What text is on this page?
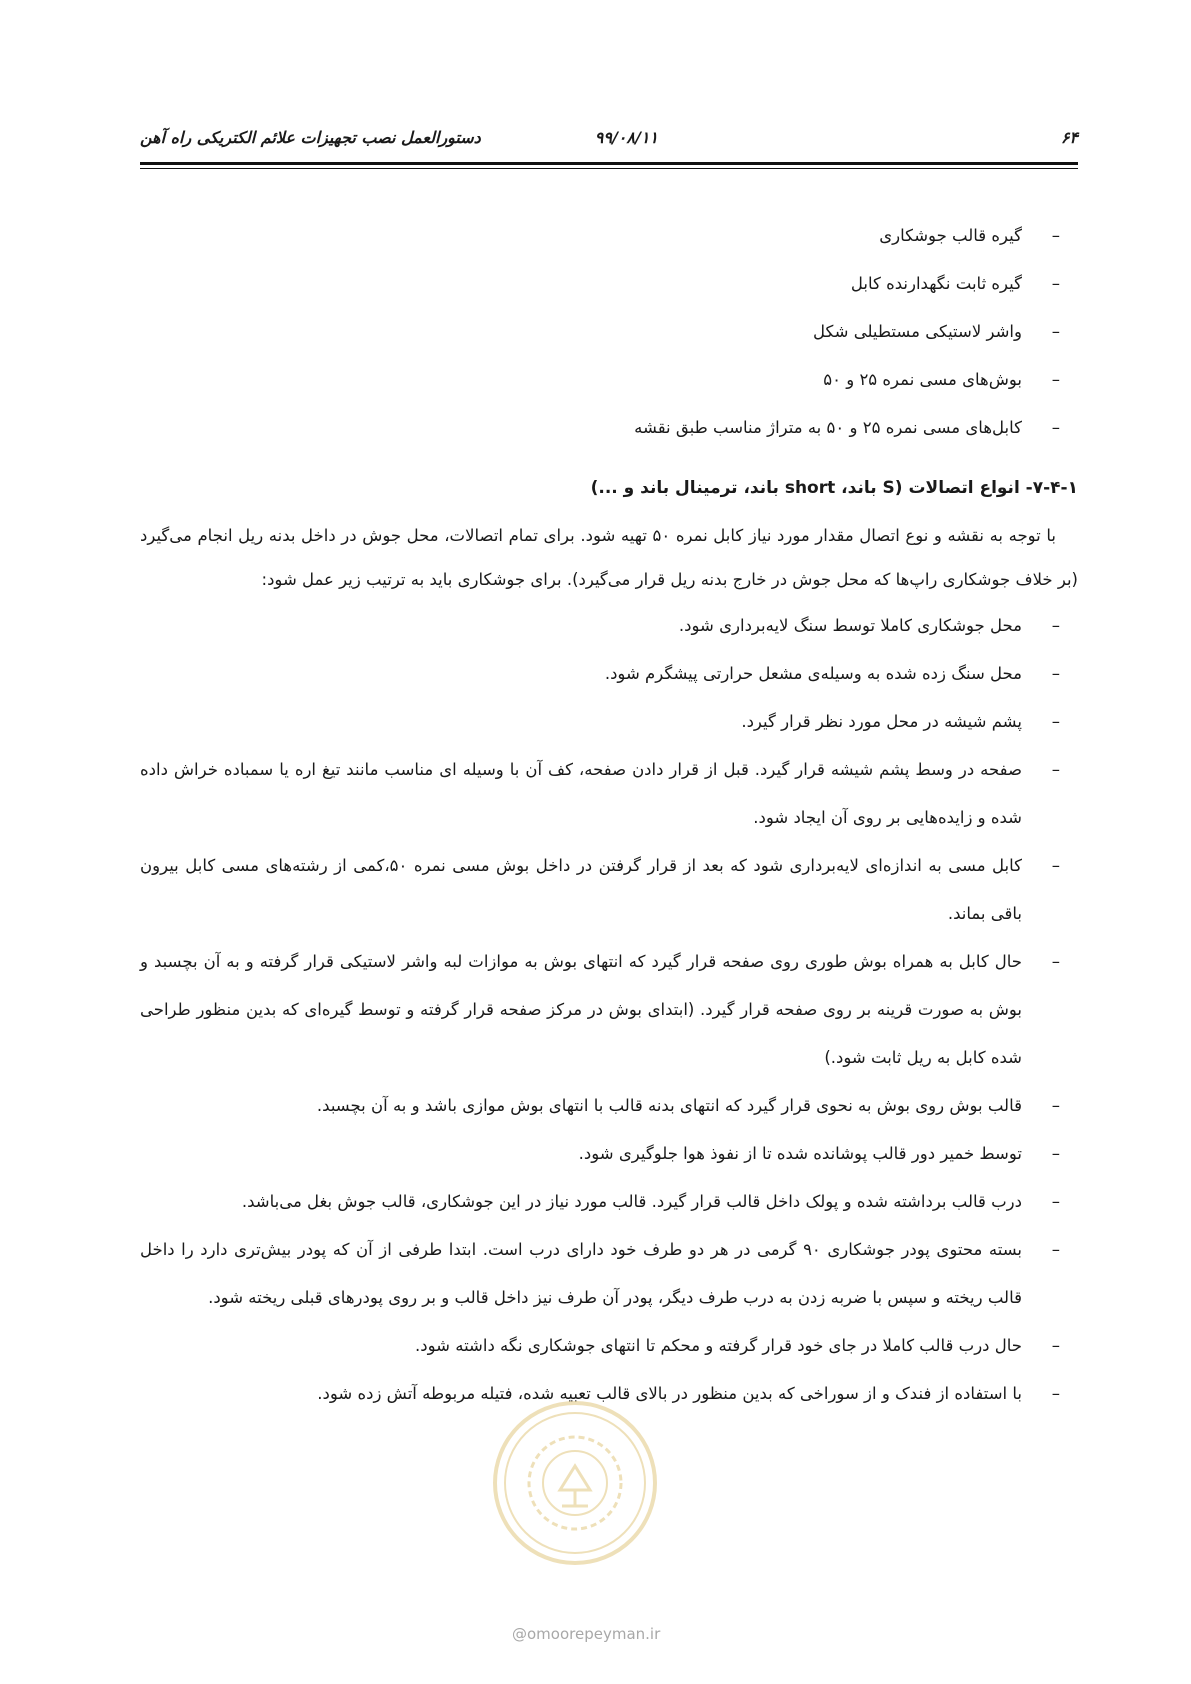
۶۴
۹۹/۰۸/۱۱
دستورالعمل نصب تجهیزات علائم الکتریکی راه آهن
– گیره قالب جوشکاری
– گیره ثابت نگهدارنده کابل
– واشر لاستیکی مستطیلی شکل
– بوش‌های مسی نمره ۲۵ و ۵۰
– کابل‌های مسی نمره ۲۵ و ۵۰ به متراژ مناسب طبق نقشه
۷-۴-۱- انواع اتصالات (S باند، short باند، ترمینال باند و ...)

با توجه به نقشه و نوع اتصال مقدار مورد نیاز کابل نمره ۵۰ تهیه شود. برای تمام اتصالات، محل جوش در داخل بدنه ریل انجام می‌گیرد (بر خلاف جوشکاری راپ‌ها که محل جوش در خارج بدنه ریل قرار می‌گیرد). برای جوشکاری باید به ترتیب زیر عمل شود:

– محل جوشکاری کاملا توسط سنگ لایه‌برداری شود.
– محل سنگ زده شده به وسیله‌ی مشعل حرارتی پیشگرم شود.
– پشم شیشه در محل مورد نظر قرار گیرد.
– صفحه در وسط پشم شیشه قرار گیرد. قبل از قرار دادن صفحه، کف آن با وسیله ای مناسب مانند تیغ اره یا سمباده خراش داده شده و زایده‌هایی بر روی آن ایجاد شود.
– کابل مسی به اندازه‌ای لایه‌برداری شود که بعد از قرار گرفتن در داخل بوش مسی نمره ۵۰،کمی از رشته‌های مسی کابل بیرون باقی بماند.
– حال کابل به همراه بوش طوری روی صفحه قرار گیرد که انتهای بوش به موازات لبه واشر لاستیکی قرار گرفته و به آن بچسبد و بوش به صورت قرینه بر روی صفحه قرار گیرد. (ابتدای بوش در مرکز صفحه قرار گرفته و توسط گیره‌ای که بدین منظور طراحی شده کابل به ریل ثابت شود.)
– قالب بوش روی بوش به نحوی قرار گیرد که انتهای بدنه قالب با انتهای بوش موازی باشد و به آن بچسبد.
– توسط خمیر دور قالب پوشانده شده تا از نفوذ هوا جلوگیری شود.
– درب قالب برداشته شده و پولک داخل قالب قرار گیرد. قالب مورد نیاز در این جوشکاری، قالب جوش بغل می‌باشد.
– بسته محتوی پودر جوشکاری ۹۰ گرمی در هر دو طرف خود دارای درب است. ابتدا طرفی از آن که پودر بیش‌تری دارد را داخل قالب ریخته و سپس با ضربه زدن به درب طرف دیگر، پودر آن طرف نیز داخل قالب و بر روی پودرهای قبلی ریخته شود.
– حال درب قالب کاملا در جای خود قرار گرفته و محکم تا انتهای جوشکاری نگه داشته شود.
– با استفاده از فندک و از سوراخی که بدین منظور در بالای قالب تعبیه شده، فتیله مربوطه آتش زده شود.
@omoorepeyman.ir
